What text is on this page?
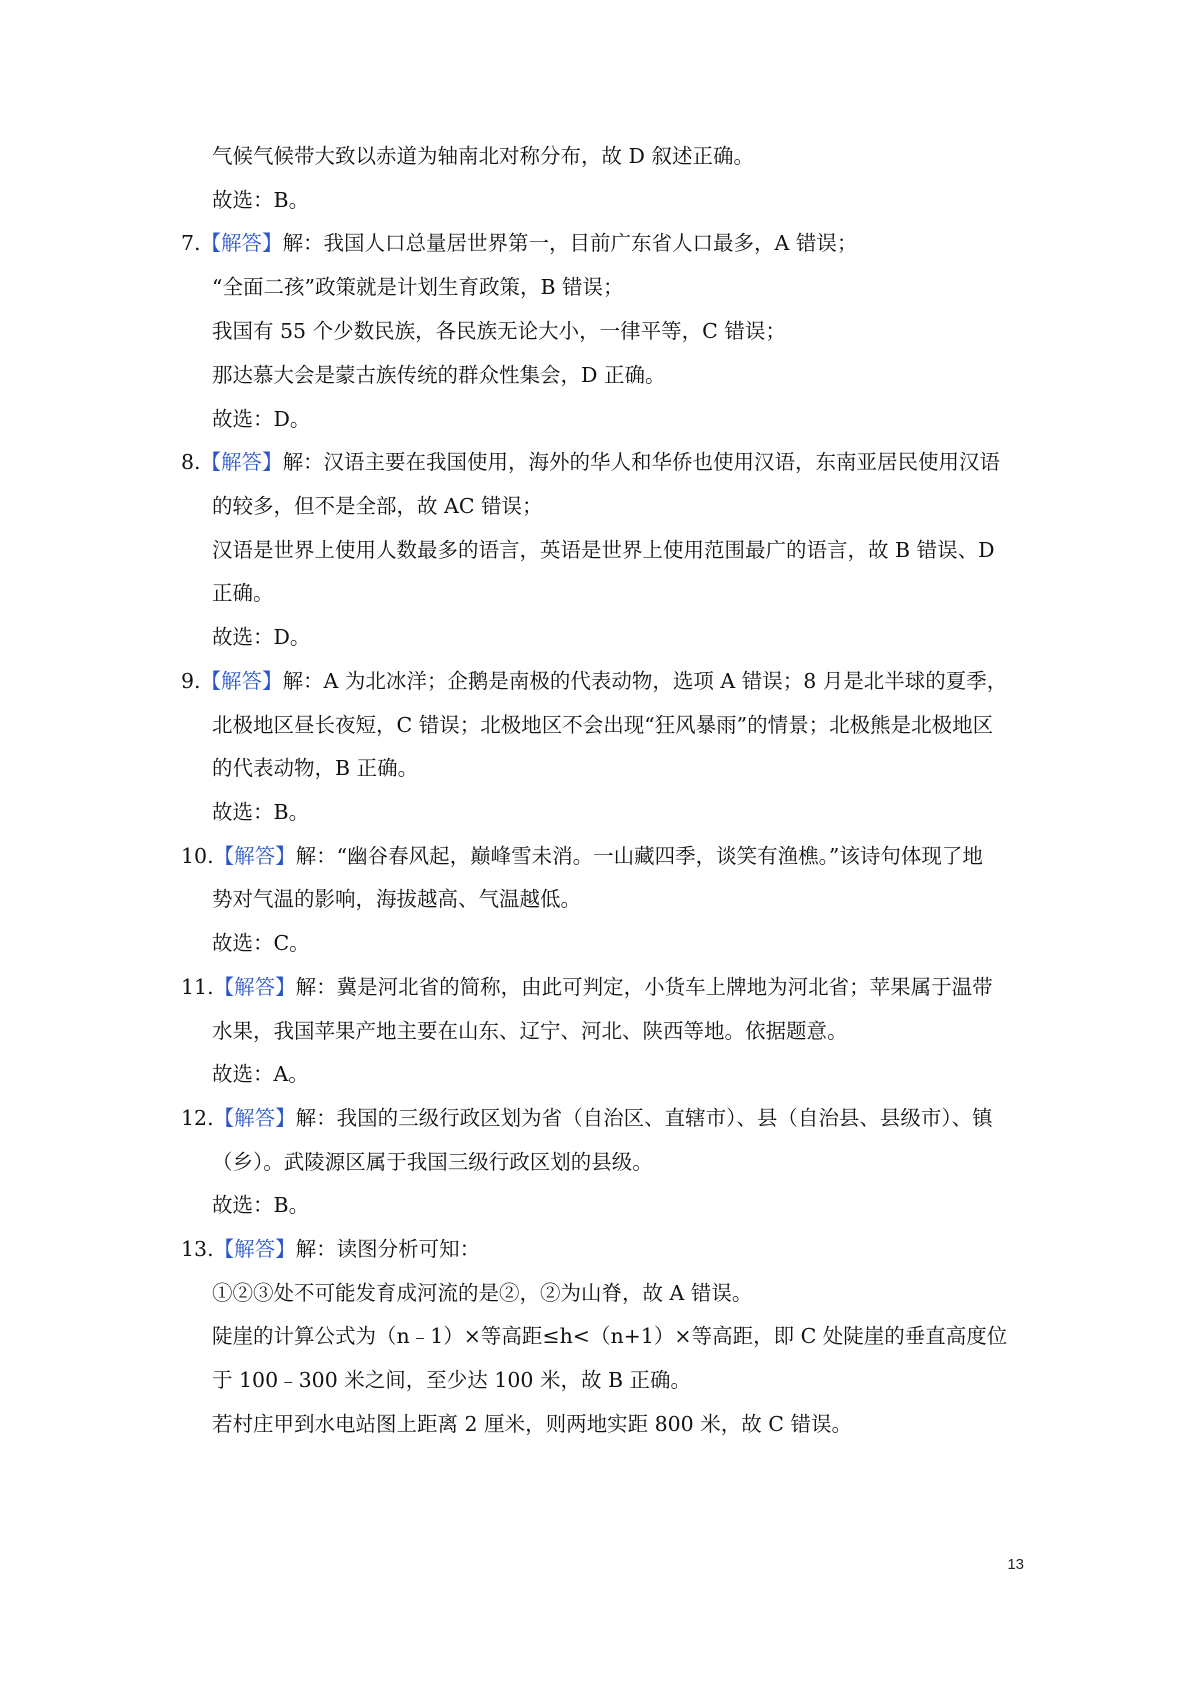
气候气候带大致以赤道为轴南北对称分布，故 D 叙述正确。
故选：B。
7.【解答】解：我国人口总量居世界第一，目前广东省人口最多，A 错误；
“全面二孩”政策就是计划生育政策，B 错误；
我国有 55 个少数民族，各民族无论大小，一律平等，C 错误；
那达慕大会是蒙古族传统的群众性集会，D 正确。
故选：D。
8.【解答】解：汉语主要在我国使用，海外的华人和华侨也使用汉语，东南亚居民使用汉语
的较多，但不是全部，故 AC 错误；
汉语是世界上使用人数最多的语言，英语是世界上使用范围最广的语言，故 B 错误、D
正确。
故选：D。
9.【解答】解：A 为北冰洋；企鹅是南极的代表动物，选项 A 错误；8 月是北半球的夏季，
北极地区昼长夜短，C 错误；北极地区不会出现“狂风暴雨”的情景；北极熊是北极地区
的代表动物，B 正确。
故选：B。
10.【解答】解：“幽谷春风起，巅峰雪未消。一山藏四季，谈笑有渔樵。”该诗句体现了地
势对气温的影响，海拔越高、气温越低。
故选：C。
11.【解答】解：冀是河北省的简称，由此可判定，小货车上牌地为河北省；苹果属于温带
水果，我国苹果产地主要在山东、辽宁、河北、陕西等地。依据题意。
故选：A。
12.【解答】解：我国的三级行政区划为省（自治区、直辖市）、县（自治县、县级市）、镇
（乡）。武陵源区属于我国三级行政区划的县级。
故选：B。
13.【解答】解：读图分析可知：
①②③处不可能发育成河流的是②，②为山脊，故 A 错误。
陡崖的计算公式为（n﹣1）×等高距≤h<（n+1）×等高距，即 C 处陡崖的垂直高度位
于 100﹣300 米之间，至少达 100 米，故 B 正确。
若村庄甲到水电站图上距离 2 厘米，则两地实距 800 米，故 C 错误。
13
